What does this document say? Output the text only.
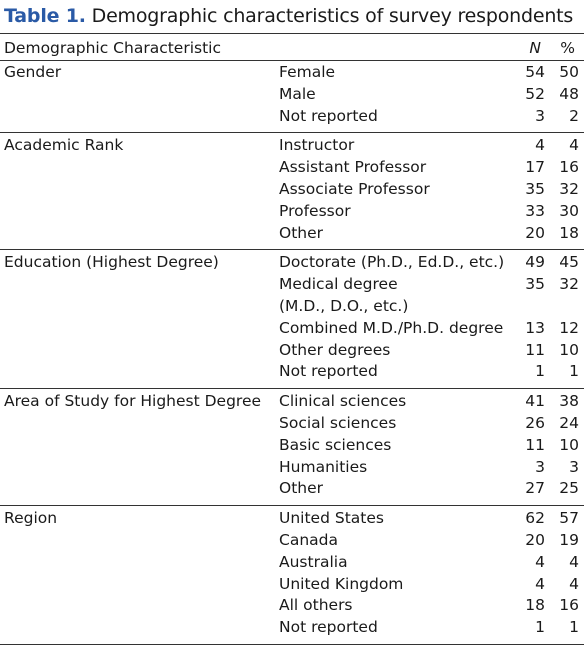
Table 1. Demographic characteristics of survey respondents
Demographic Characteristic	N %
Gender	Female	54		50	

	Male	52		48	

	Not reported	3		2	

Academic Rank	Instructor	4		4	

	Assistant Professor	17		16	

	Associate Professor	35		32	

	Professor	33		30	

	Other	20		18	

Education (Highest Degree)	Doctorate (Ph.D., Ed.D., etc.)	49		45	

	Medical degree
(M.D., D.O., etc.)	35		32	

	Combined M.D./Ph.D. degree	13		12	

	Other degrees	11		10	

	Not reported	1		1	

Area of Study for Highest Degree	Clinical sciences	41		38	

	Social sciences	26		24	

	Basic sciences	11		10	

	Humanities	3		3	

	Other	27		25	

Region	United States	62		57	

	Canada	20		19	

	Australia	4		4	

	United Kingdom	4		4	

	All others	18		16	

	Not reported	1		1	
